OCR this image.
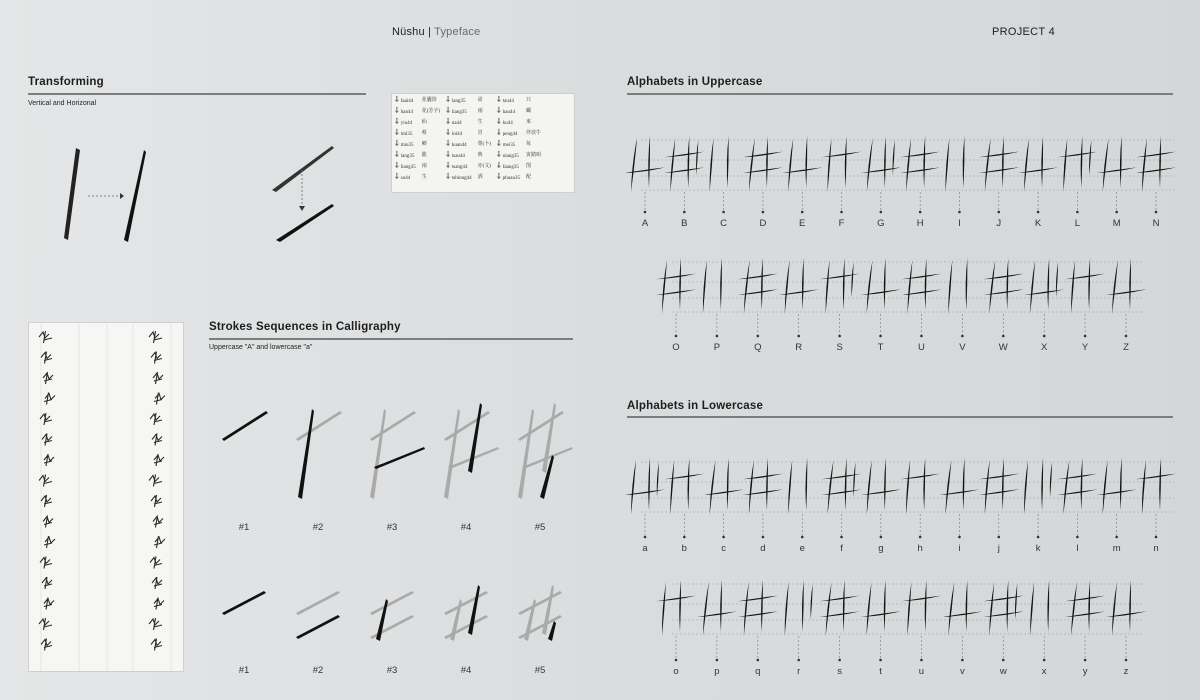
Nüshu | Typeface	PROJECT 4
Transforming
Vertical and Horizonal	⸸ faai44	花囊筒	⸸ lang35	需	⸸ tau44	只
⸸ han44	花(芳字)	⸸ liang35	兩	⸸ hau44	蝴
⸸ yiu44	仙	⸸ na44	生	⸸ ku44	來
⸸ imi35	蔡	⸸ loi44	冒	⸸ peng44	伴放牛
⸸ miu35	鄉	⸸ kuan44	尊(卜)	⸸ mei35	每
⸸ lang35	龍	⸸ tsau44	典	⸸ niang35	寅踏咱
⸸ liang35	兩	⸸ tsang44	亦(文)	⸸ faang35	图
⸸ su44	生	⸸ tshiong44	酒	⸸ phuau35	配
Strokes Sequences in Calligraphy
Uppercase "A" and lowercase "a"
#1	#2	#3	#4	#5
#1	#2	#3	#4	#5
Alphabets in Uppercase
Alphabets in Lowercase
A	B	C	D	E	F	G	H	I	J	K	L	M	N
O	P	Q	R	S	T	U	V	W	X	Y	Z
a	b	c	d	e	f	g	h	i	j	k	l	m	n
o	p	q	r	s	t	u	v	w	x	y	z
